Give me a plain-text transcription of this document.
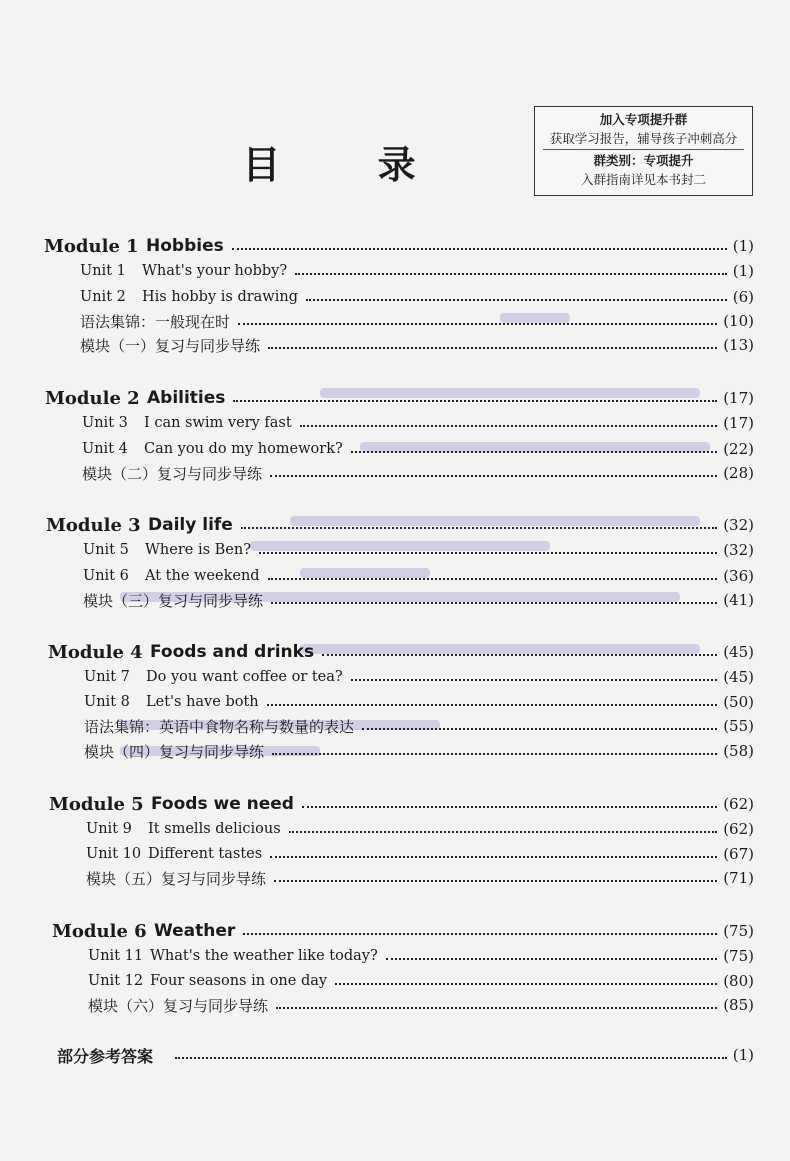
目 录
加入专项提升群
获取学习报告，辅导孩子冲刺高分
群类别：专项提升
入群指南详见本书封二
Module 1 Hobbies	(1)
Unit 1	What's your hobby?	(1)
Unit 2	His hobby is drawing	(6)
语法集锦：一般现在时	(10)
模块（一）复习与同步导练	(13)
Module 2 Abilities	(17)
Unit 3	I can swim very fast	(17)
Unit 4	Can you do my homework?	(22)
模块（二）复习与同步导练	(28)
Module 3 Daily life	(32)
Unit 5	Where is Ben?	(32)
Unit 6	At the weekend	(36)
模块（三）复习与同步导练	(41)
Module 4 Foods and drinks	(45)
Unit 7	Do you want coffee or tea?	(45)
Unit 8	Let's have both	(50)
语法集锦：英语中食物名称与数量的表达	(55)
模块（四）复习与同步导练	(58)
Module 5 Foods we need	(62)
Unit 9	It smells delicious	(62)
Unit 10 Different tastes	(67)
模块（五）复习与同步导练	(71)
Module 6 Weather	(75)
Unit 11 What's the weather like today?	(75)
Unit 12 Four seasons in one day	(80)
模块（六）复习与同步导练	(85)
部分参考答案	(1)
